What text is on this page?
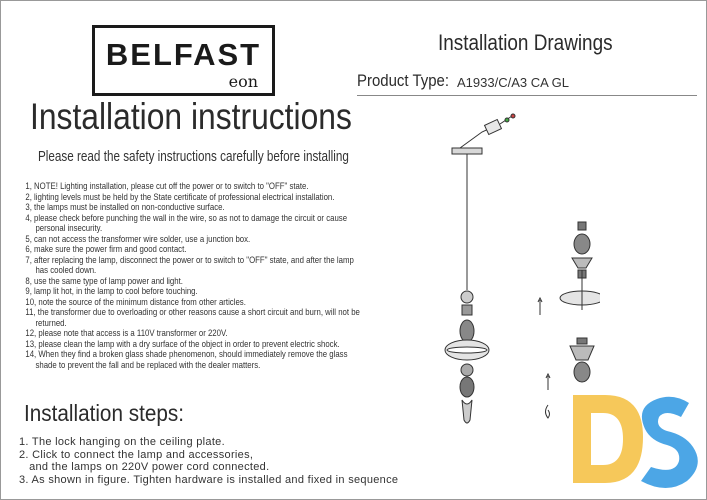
BELFAST
eon
Installation instructions
Please read the safety instructions carefully before installing
1, NOTE! Lighting installation, please cut off the power or to switch to "OFF" state.
2, lighting levels must be held by the State certificate of professional electrical installation.
3, the lamps must be installed on non-conductive surface.
4, please check before punching the wall in the wire, so as not to damage the circuit or cause personal insecurity.
5, can not access the transformer wire solder, use a junction box.
6, make sure the power firm and good contact.
7, after replacing the lamp, disconnect the power or to switch to "OFF" state, and after the lamp has cooled down.
8, use the same type of lamp power and light.
9, lamp lit hot, in the lamp to cool before touching.
10, note the source of the minimum distance from other articles.
11, the transformer due to overloading or other reasons cause a short circuit and burn, will not be returned.
12, please note that access is a 110V transformer or 220V.
13, please clean the lamp with a dry surface of the object in order to prevent electric shock.
14, When they find a broken glass shade phenomenon, should immediately remove the glass shade to prevent the fall and be replaced with the dealer matters.
Installation steps:
1. The lock hanging on the ceiling plate.
2. Click to connect the lamp and accessories,
and the lamps on 220V power cord connected.
3. As shown in figure. Tighten hardware is installed and fixed in sequence
Installation Drawings
Product Type: A1933/C/A3 CA GL
